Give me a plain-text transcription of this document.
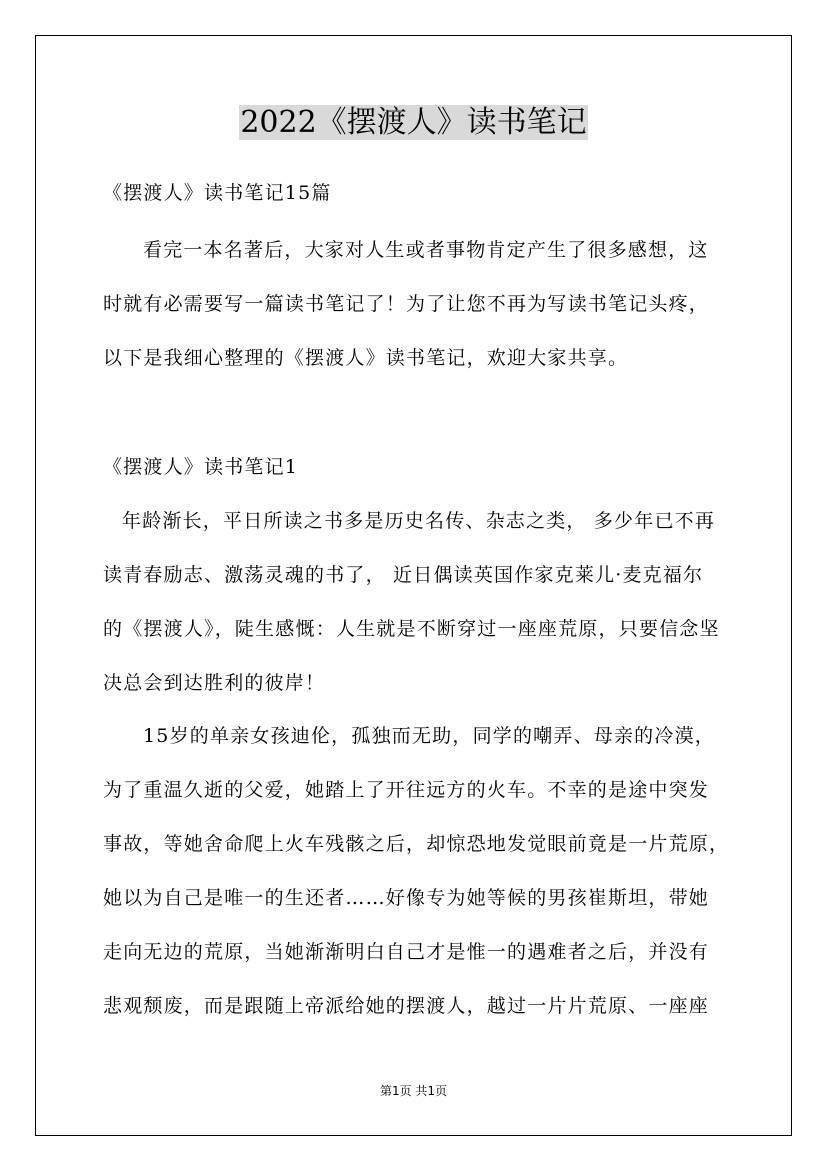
2022《摆渡人》读书笔记
《摆渡人》读书笔记15篇
看完一本名著后，大家对人生或者事物肯定产生了很多感想，这
时就有必需要写一篇读书笔记了！为了让您不再为写读书笔记头疼，
以下是我细心整理的《摆渡人》读书笔记，欢迎大家共享。
《摆渡人》读书笔记1
年龄渐长，平日所读之书多是历史名传、杂志之类， 多少年已不再
读青春励志、激荡灵魂的书了， 近日偶读英国作家克莱儿·麦克福尔
的《摆渡人》，陡生感慨：人生就是不断穿过一座座荒原，只要信念坚
决总会到达胜利的彼岸！
15岁的单亲女孩迪伦，孤独而无助，同学的嘲弄、母亲的冷漠，
为了重温久逝的父爱，她踏上了开往远方的火车。不幸的是途中突发
事故，等她舍命爬上火车残骸之后，却惊恐地发觉眼前竟是一片荒原，
她以为自己是唯一的生还者……好像专为她等候的男孩崔斯坦，带她
走向无边的荒原，当她渐渐明白自己才是惟一的遇难者之后，并没有
悲观颓废，而是跟随上帝派给她的摆渡人，越过一片片荒原、一座座
第1页 共1页
